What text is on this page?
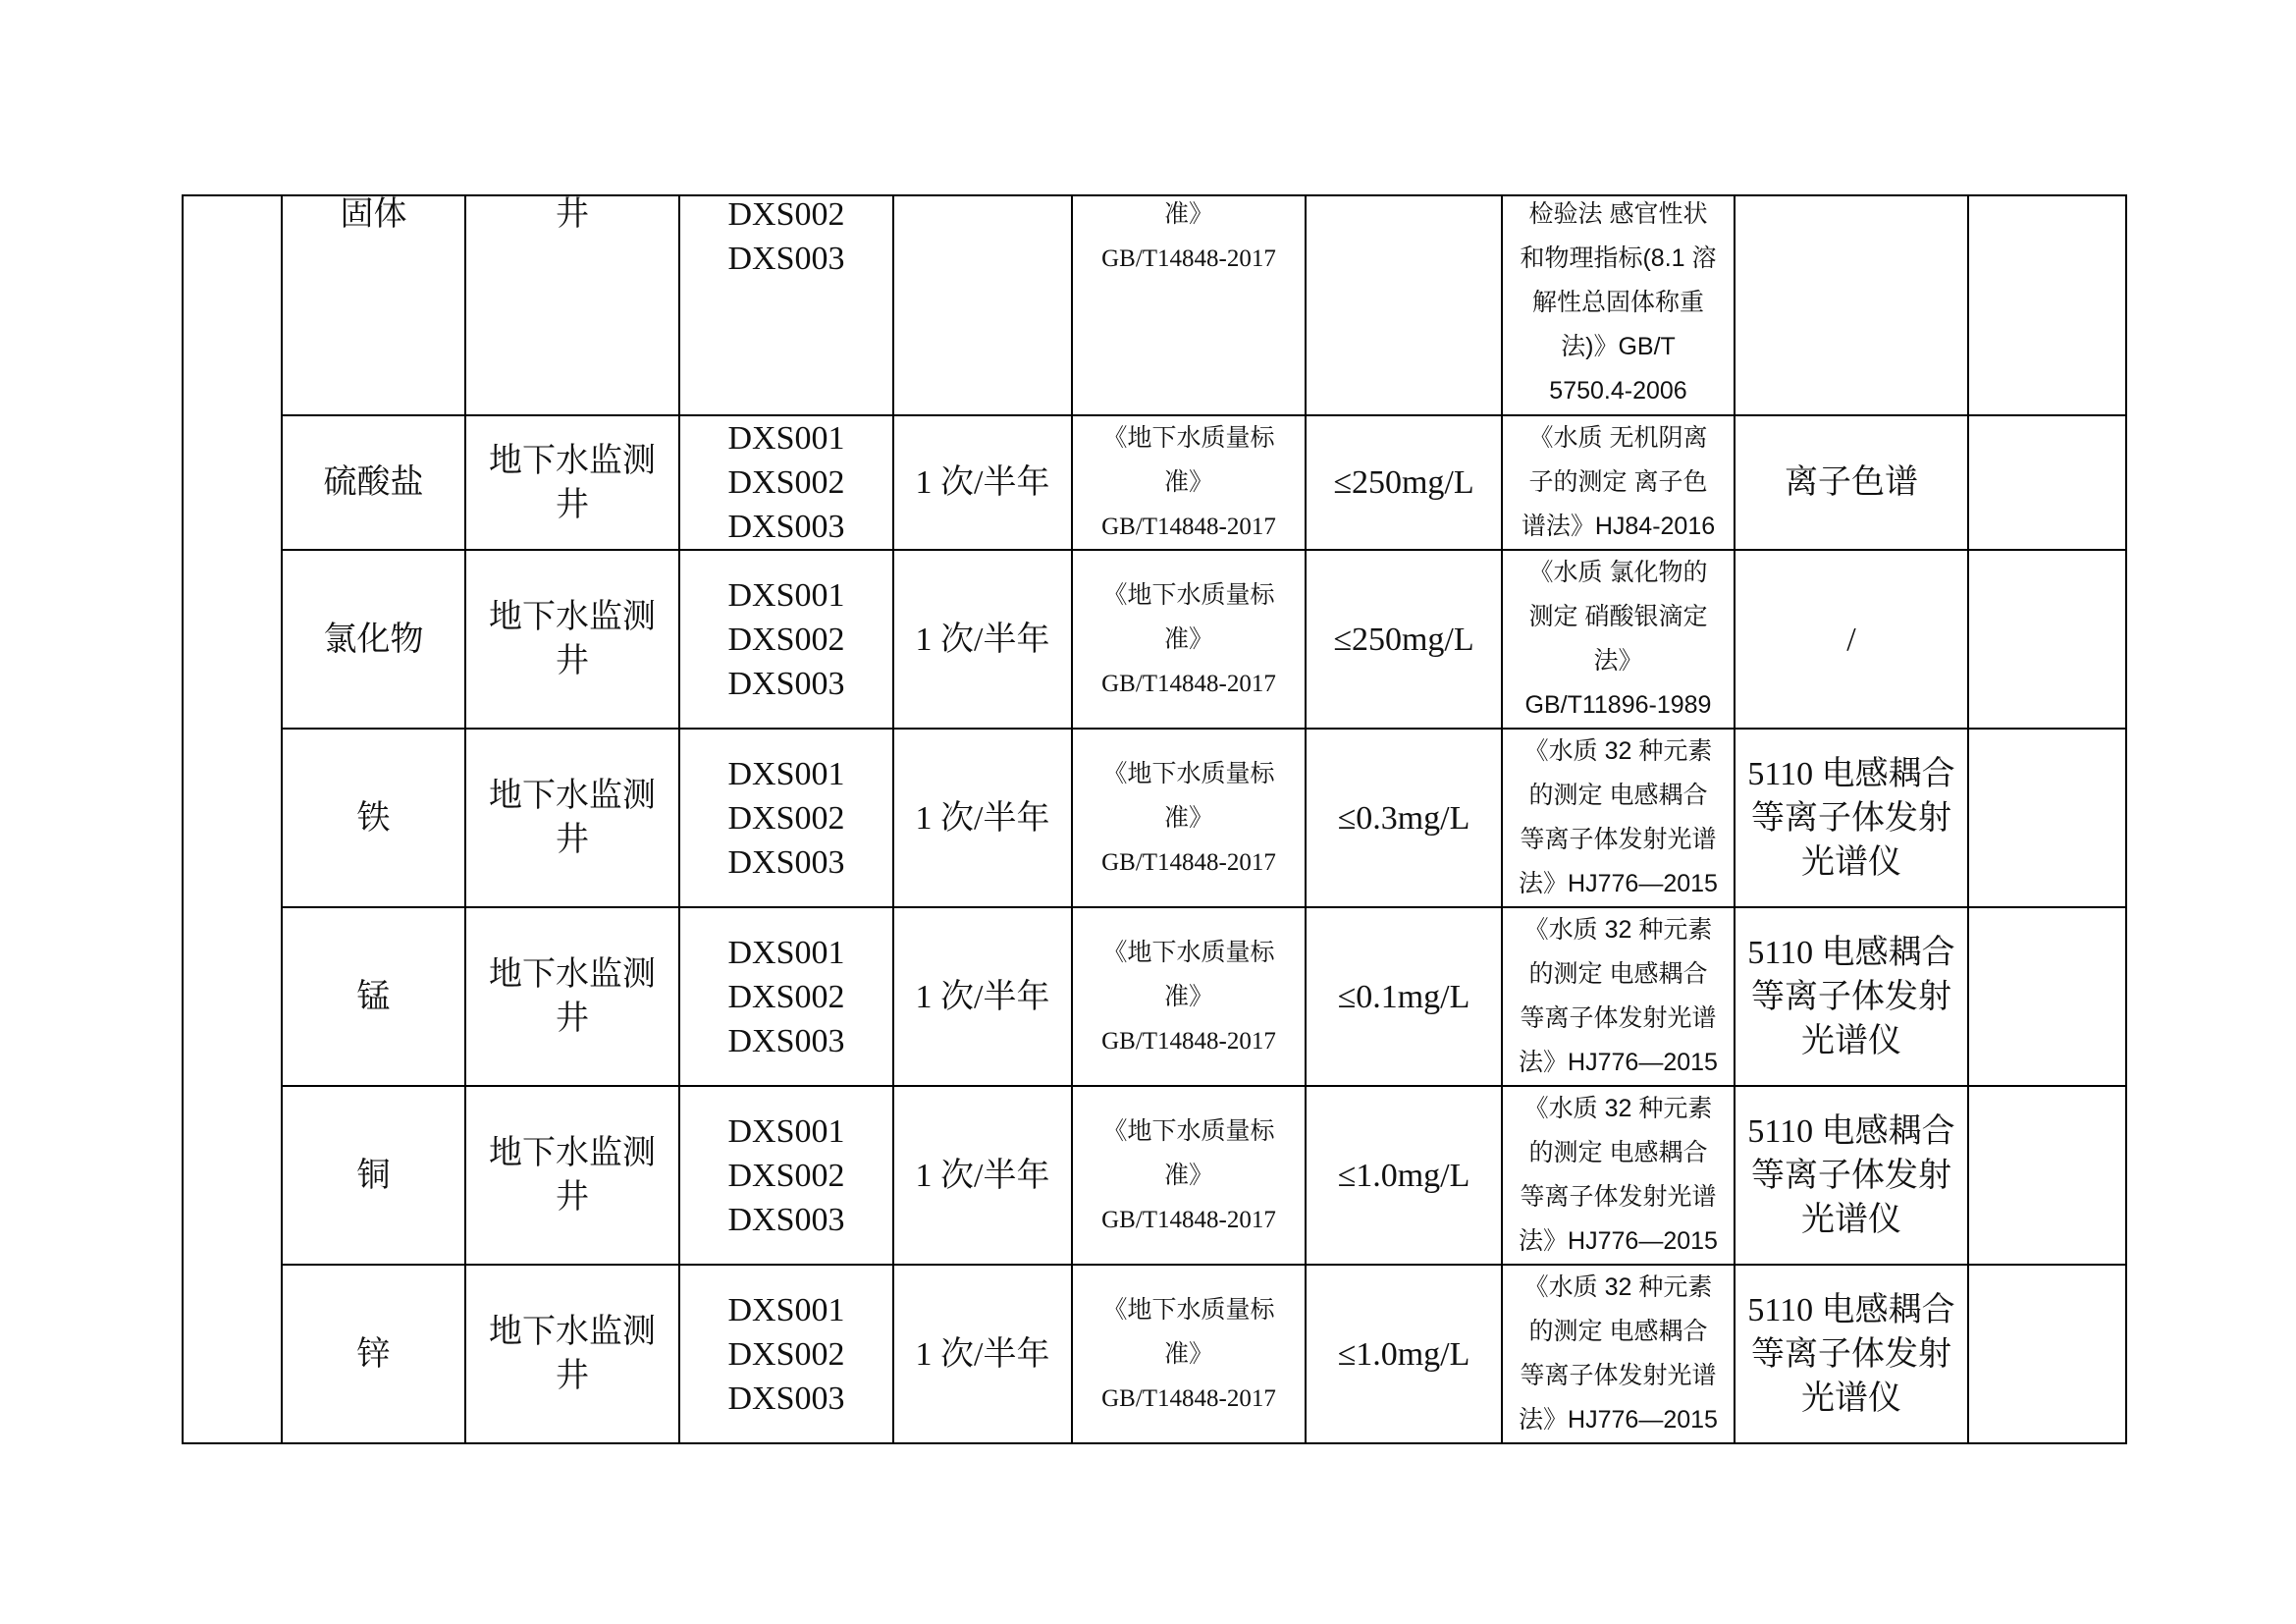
	固体	井	DXS002
DXS003		准》
GB/T14848-2017		检验法 感官性状
和物理指标(8.1 溶
解性总固体称重
法)》GB/T
5750.4-2006		

	硫酸盐	地下水监测
井	DXS001
DXS002
DXS003	1 次/半年	《地下水质量标
准》
GB/T14848-2017	≤250mg/L	《水质 无机阴离
子的测定 离子色
谱法》HJ84-2016	离子色谱	
	氯化物	地下水监测
井	DXS001
DXS002
DXS003	1 次/半年	《地下水质量标
准》
GB/T14848-2017	≤250mg/L	《水质 氯化物的
测定 硝酸银滴定
法》
GB/T11896-1989	/	
	铁	地下水监测
井	DXS001
DXS002
DXS003	1 次/半年	《地下水质量标
准》
GB/T14848-2017	≤0.3mg/L	《水质 32 种元素
的测定 电感耦合
等离子体发射光谱
法》HJ776—2015	5110 电感耦合
等离子体发射
光谱仪	
	锰	地下水监测
井	DXS001
DXS002
DXS003	1 次/半年	《地下水质量标
准》
GB/T14848-2017	≤0.1mg/L	《水质 32 种元素
的测定 电感耦合
等离子体发射光谱
法》HJ776—2015	5110 电感耦合
等离子体发射
光谱仪	
	铜	地下水监测
井	DXS001
DXS002
DXS003	1 次/半年	《地下水质量标
准》
GB/T14848-2017	≤1.0mg/L	《水质 32 种元素
的测定 电感耦合
等离子体发射光谱
法》HJ776—2015	5110 电感耦合
等离子体发射
光谱仪	
	锌	地下水监测
井	DXS001
DXS002
DXS003	1 次/半年	《地下水质量标
准》
GB/T14848-2017	≤1.0mg/L	《水质 32 种元素
的测定 电感耦合
等离子体发射光谱
法》HJ776—2015	5110 电感耦合
等离子体发射
光谱仪	
